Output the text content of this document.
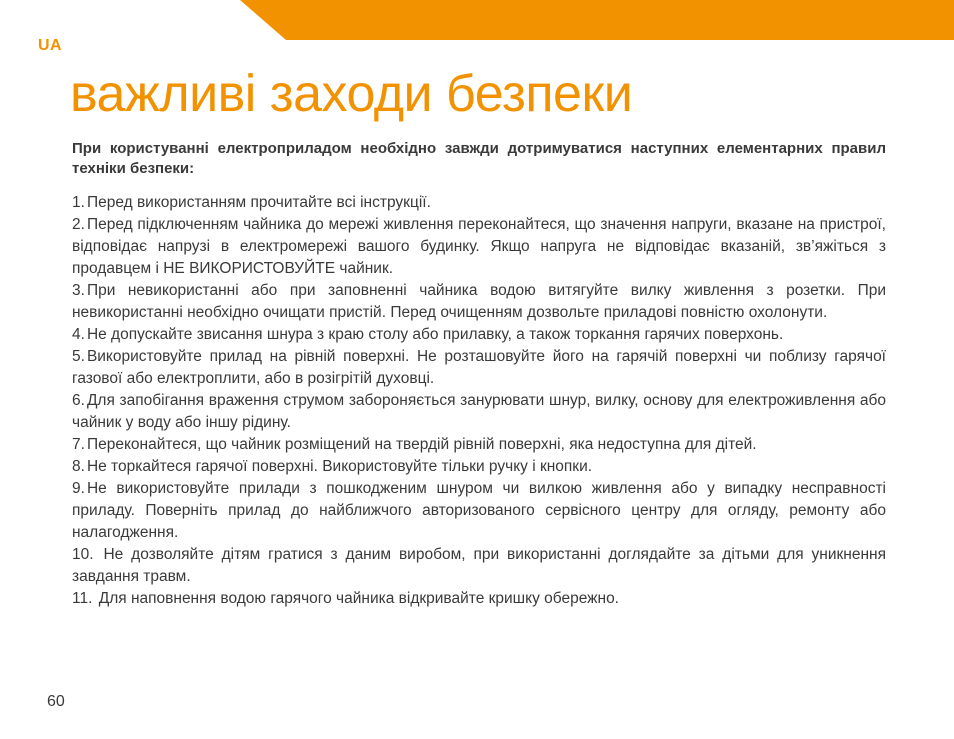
UA
важливі заходи безпеки

При користуванні електроприладом необхідно завжди дотримуватися наступних елементарних правил техніки безпеки:

1. Перед використанням прочитайте всі інструкції.
2. Перед підключенням чайника до мережі живлення переконайтеся, що значення напруги, вказане на пристрої, відповідає напрузі в електромережі вашого будинку. Якщо напруга не відповідає вказаній, зв’яжіться з продавцем і НЕ ВИКОРИСТОВУЙТЕ чайник.
3. При невикористанні або при заповненні чайника водою витягуйте вилку живлення з розетки. При невикористанні необхідно очищати пристій. Перед очищенням дозвольте приладові повністю охолонути.
4. Не допускайте звисання шнура з краю столу або прилавку, а також торкання гарячих поверхонь.
5. Використовуйте прилад на рівній поверхні. Не розташовуйте його на гарячій поверхні чи поблизу гарячої газової або електроплити, або в розігрітій духовці.
6. Для запобігання враження струмом забороняється занурювати шнур, вилку, основу для електроживлення або чайник у воду або іншу рідину.
7. Переконайтеся, що чайник розміщений на твердій рівній поверхні, яка недоступна для дітей.
8. Не торкайтеся гарячої поверхні. Використовуйте тільки ручку і кнопки.
9. Не використовуйте прилади з пошкодженим шнуром чи вилкою живлення або у випадку несправності приладу. Поверніть прилад до найближчого авторизованого сервісного центру для огляду, ремонту або налагодження.
10. Не дозволяйте дітям гратися з даним виробом, при використанні доглядайте за дітьми для уникнення завдання травм.
11. Для наповнення водою гарячого чайника відкривайте кришку обережно.
60
